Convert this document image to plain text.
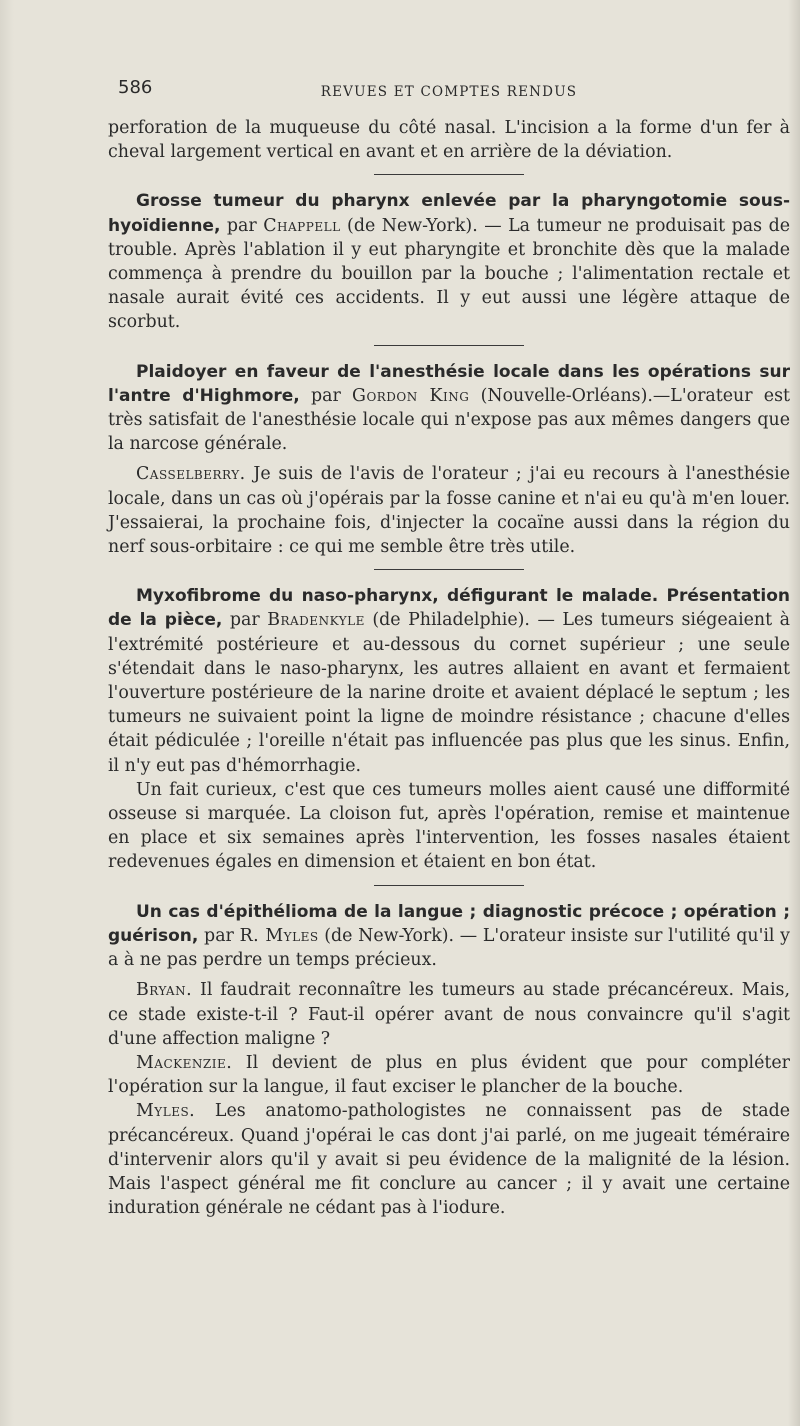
586	REVUES ET COMPTES RENDUS

perforation de la muqueuse du côté nasal. L'incision a la forme d'un fer à cheval largement vertical en avant et en arrière de la déviation.

Grosse tumeur du pharynx enlevée par la pharyngotomie sous-hyoïdienne, par Chappell (de New-York). — La tumeur ne produisait pas de trouble. Après l'ablation il y eut pharyngite et bronchite dès que la malade commença à prendre du bouillon par la bouche ; l'alimentation rectale et nasale aurait évité ces accidents. Il y eut aussi une légère attaque de scorbut.

Plaidoyer en faveur de l'anesthésie locale dans les opérations sur l'antre d'Highmore, par Gordon King (Nouvelle-Orléans).—L'orateur est très satisfait de l'anesthésie locale qui n'expose pas aux mêmes dangers que la narcose générale.

Casselberry. Je suis de l'avis de l'orateur ; j'ai eu recours à l'anesthésie locale, dans un cas où j'opérais par la fosse canine et n'ai eu qu'à m'en louer. J'essaierai, la prochaine fois, d'injecter la cocaïne aussi dans la région du nerf sous-orbitaire : ce qui me semble être très utile.

Myxofibrome du naso-pharynx, défigurant le malade. Présentation de la pièce, par Bradenkyle (de Philadelphie). — Les tumeurs siégeaient à l'extrémité postérieure et au-dessous du cornet supérieur ; une seule s'étendait dans le naso-pharynx, les autres allaient en avant et fermaient l'ouverture postérieure de la narine droite et avaient déplacé le septum ; les tumeurs ne suivaient point la ligne de moindre résistance ; chacune d'elles était pédiculée ; l'oreille n'était pas influencée pas plus que les sinus. Enfin, il n'y eut pas d'hémorrhagie.

Un fait curieux, c'est que ces tumeurs molles aient causé une difformité osseuse si marquée. La cloison fut, après l'opération, remise et maintenue en place et six semaines après l'intervention, les fosses nasales étaient redevenues égales en dimension et étaient en bon état.

Un cas d'épithélioma de la langue ; diagnostic précoce ; opération ; guérison, par R. Myles (de New-York). — L'orateur insiste sur l'utilité qu'il y a à ne pas perdre un temps précieux.

Bryan. Il faudrait reconnaître les tumeurs au stade précancéreux. Mais, ce stade existe-t-il ? Faut-il opérer avant de nous convaincre qu'il s'agit d'une affection maligne ?

Mackenzie. Il devient de plus en plus évident que pour compléter l'opération sur la langue, il faut exciser le plancher de la bouche.

Myles. Les anatomo-pathologistes ne connaissent pas de stade précancéreux. Quand j'opérai le cas dont j'ai parlé, on me jugeait téméraire d'intervenir alors qu'il y avait si peu évidence de la malignité de la lésion. Mais l'aspect général me fit conclure au cancer ; il y avait une certaine induration générale ne cédant pas à l'iodure.
